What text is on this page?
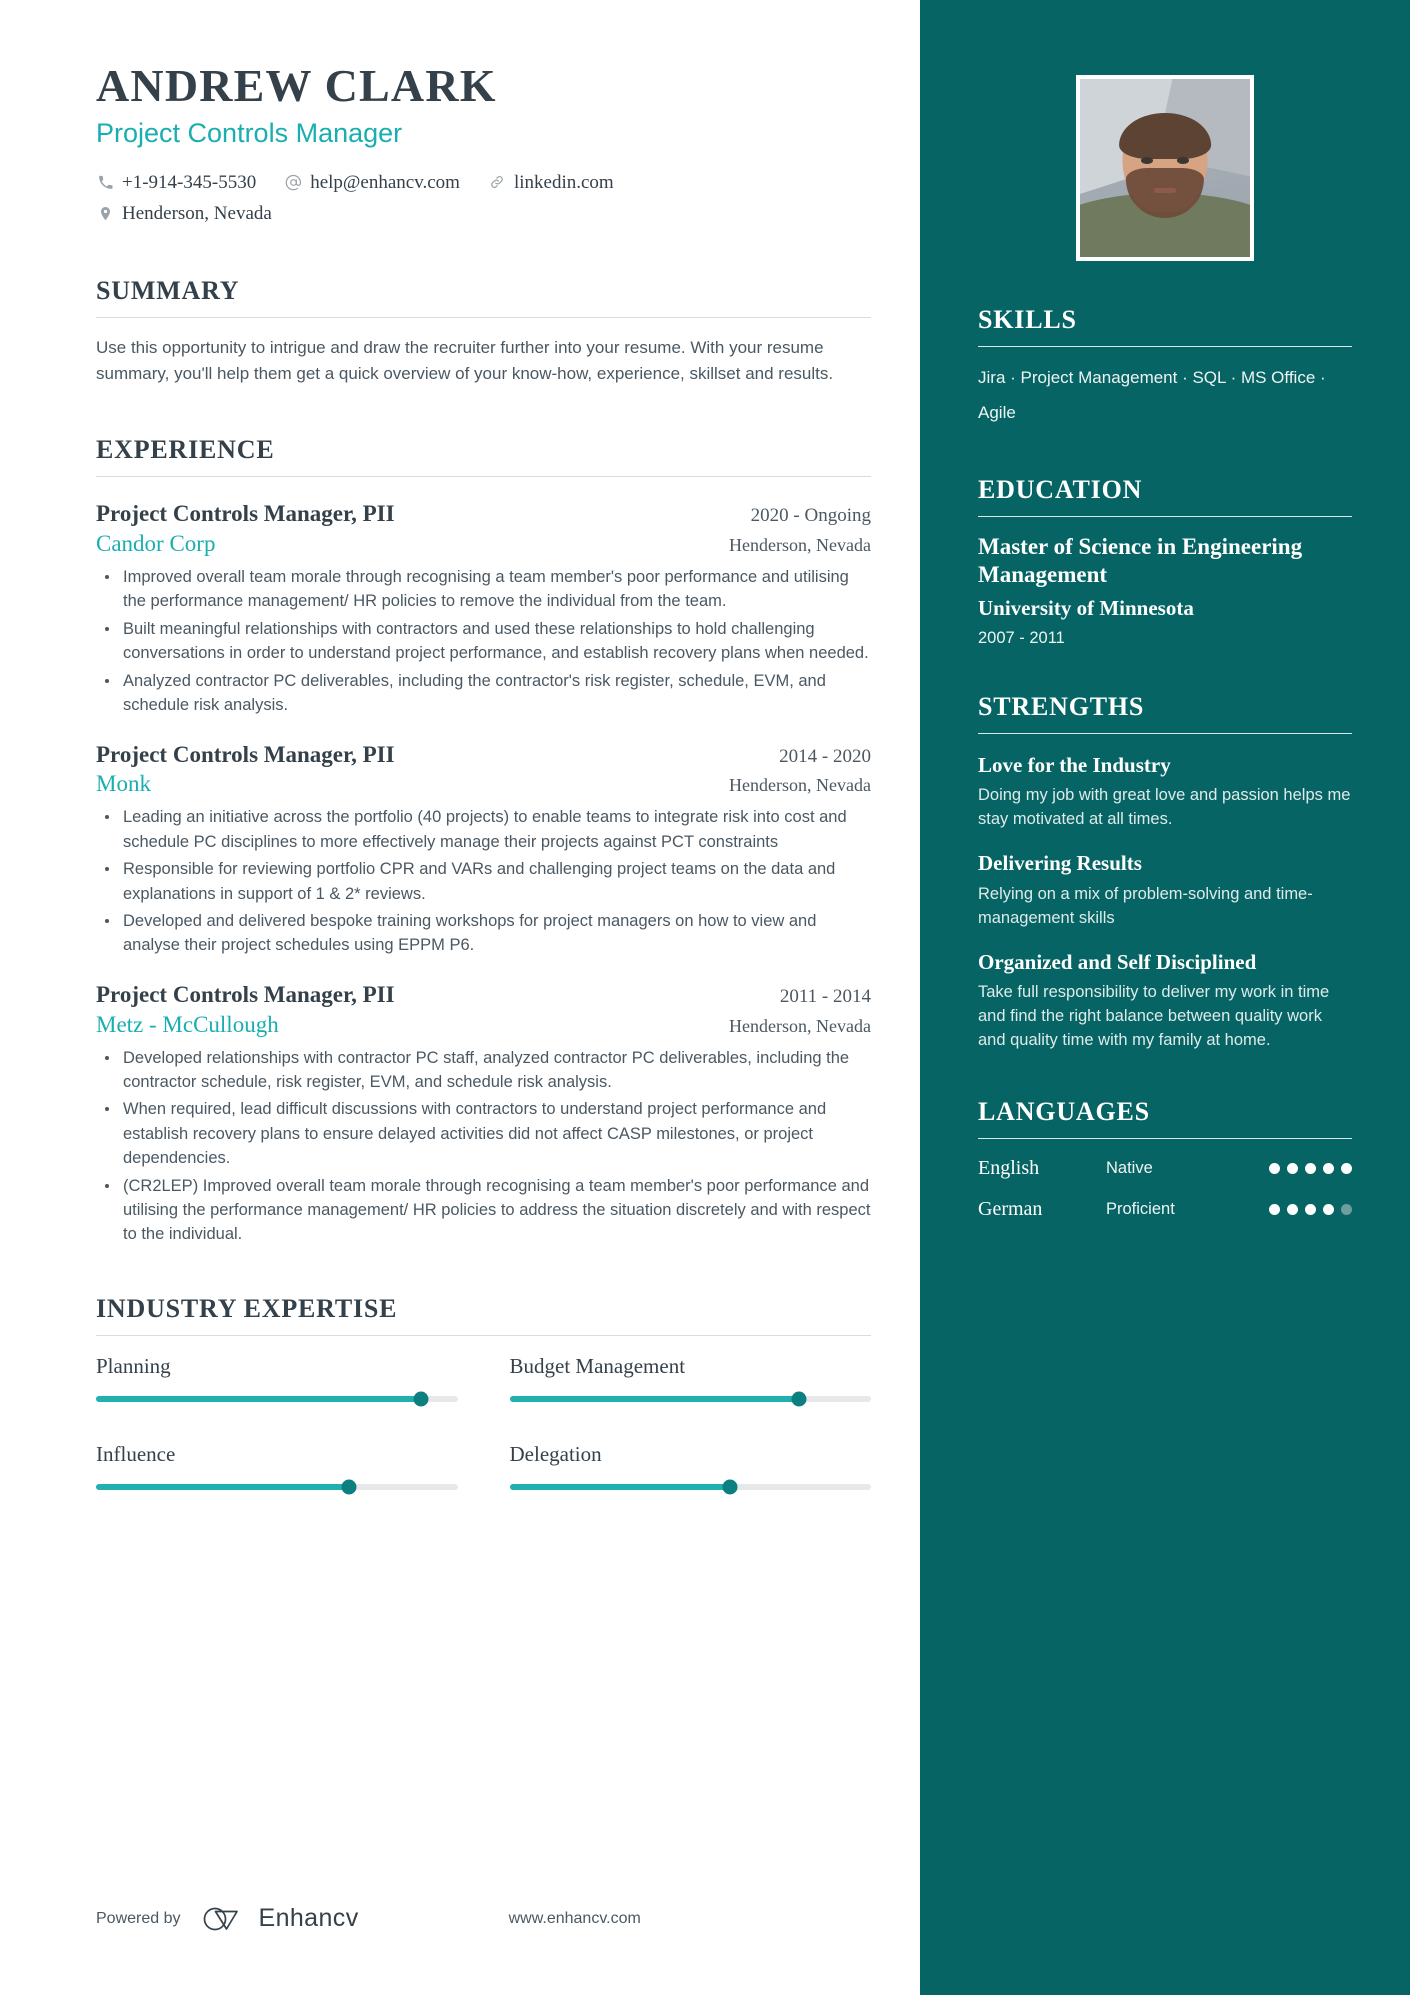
ANDREW CLARK
Project Controls Manager
+1-914-345-5530	help@enhancv.com	linkedin.com
Henderson, Nevada
SUMMARY
Use this opportunity to intrigue and draw the recruiter further into your resume. With your resume summary, you'll help them get a quick overview of your know-how, experience, skillset and results.
EXPERIENCE
Project Controls Manager, PII	2020 - Ongoing
Candor Corp	Henderson, Nevada
Improved overall team morale through recognising a team member's poor performance and utilising the performance management/ HR policies to remove the individual from the team.
Built meaningful relationships with contractors and used these relationships to hold challenging conversations in order to understand project performance, and establish recovery plans when needed.
Analyzed contractor PC deliverables, including the contractor's risk register, schedule, EVM, and schedule risk analysis.
Project Controls Manager, PII	2014 - 2020
Monk	Henderson, Nevada
Leading an initiative across the portfolio (40 projects) to enable teams to integrate risk into cost and schedule PC disciplines to more effectively manage their projects against PCT constraints
Responsible for reviewing portfolio CPR and VARs and challenging project teams on the data and explanations in support of 1 & 2* reviews.
Developed and delivered bespoke training workshops for project managers on how to view and analyse their project schedules using EPPM P6.
Project Controls Manager, PII	2011 - 2014
Metz - McCullough	Henderson, Nevada
Developed relationships with contractor PC staff, analyzed contractor PC deliverables, including the contractor schedule, risk register, EVM, and schedule risk analysis.
When required, lead difficult discussions with contractors to understand project performance and establish recovery plans to ensure delayed activities did not affect CASP milestones, or project dependencies.
(CR2LEP) Improved overall team morale through recognising a team member's poor performance and utilising the performance management/ HR policies to address the situation discretely and with respect to the individual.
INDUSTRY EXPERTISE
Planning	Budget Management
Influence	Delegation
Powered by	Enhancv	www.enhancv.com
SKILLS
Jira · Project Management · SQL · MS Office · Agile
EDUCATION
Master of Science in Engineering Management
University of Minnesota
2007 - 2011
STRENGTHS
Love for the Industry
Doing my job with great love and passion helps me stay motivated at all times.
Delivering Results
Relying on a mix of problem-solving and time-management skills
Organized and Self Disciplined
Take full responsibility to deliver my work in time and find the right balance between quality work and quality time with my family at home.
LANGUAGES
English	Native
German	Proficient
